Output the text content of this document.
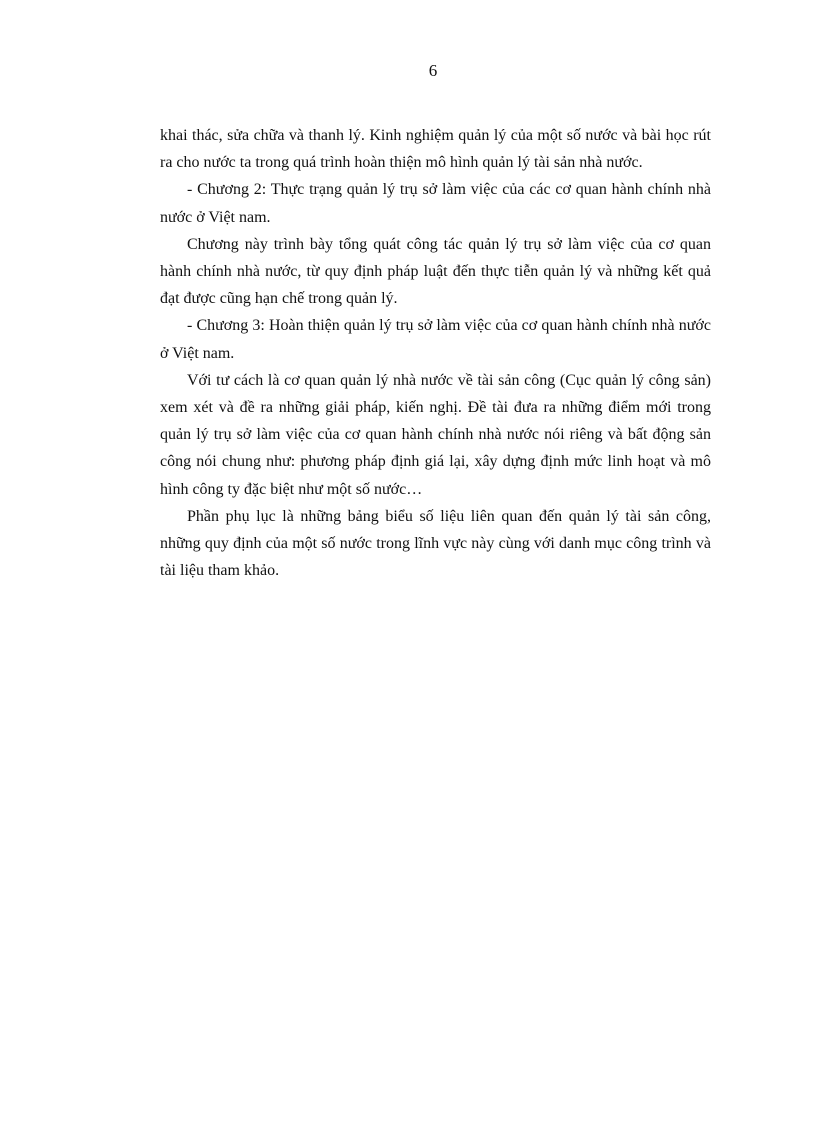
6

khai thác, sửa chữa và thanh lý. Kinh nghiệm quản lý của một số nước và bài học rút ra cho nước ta trong quá trình hoàn thiện mô hình quản lý tài sản nhà nước.

- Chương 2: Thực trạng quản lý trụ sở làm việc của các cơ quan hành chính nhà nước ở Việt nam.

Chương này trình bày tổng quát công tác quản lý trụ sở làm việc của cơ quan hành chính nhà nước, từ quy định pháp luật đến thực tiễn quản lý và những kết quả đạt được cũng hạn chế trong quản lý.

- Chương 3: Hoàn thiện quản lý trụ sở làm việc của cơ quan hành chính nhà nước ở Việt nam.

Với tư cách là cơ quan quản lý nhà nước về tài sản công (Cục quản lý công sản) xem xét và đề ra những giải pháp, kiến nghị. Đề tài đưa ra những điểm mới trong quản lý trụ sở làm việc của cơ quan hành chính nhà nước nói riêng và bất động sản công nói chung như: phương pháp định giá lại, xây dựng định mức linh hoạt và mô hình công ty đặc biệt như một số nước…

Phần phụ lục là những bảng biểu số liệu liên quan đến quản lý tài sản công, những quy định của một số nước trong lĩnh vực này cùng với danh mục công trình và tài liệu tham khảo.
